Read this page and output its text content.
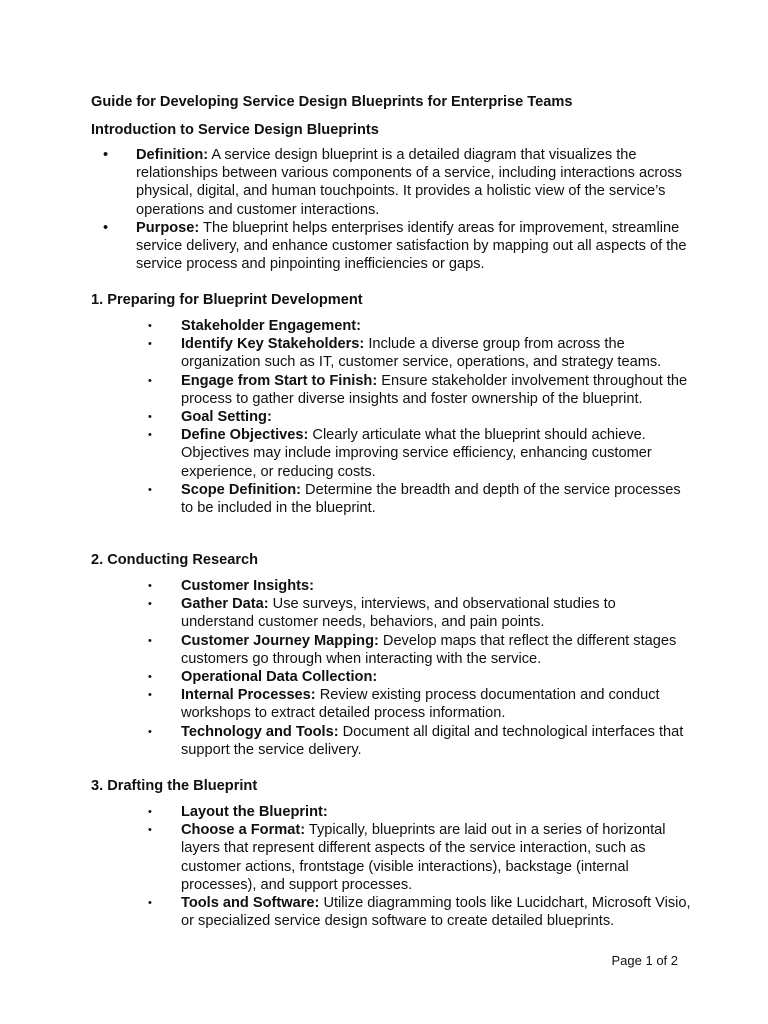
Guide for Developing Service Design Blueprints for Enterprise Teams

Introduction to Service Design Blueprints

• Definition: A service design blueprint is a detailed diagram that visualizes the relationships between various components of a service, including interactions across physical, digital, and human touchpoints. It provides a holistic view of the service’s operations and customer interactions.
• Purpose: The blueprint helps enterprises identify areas for improvement, streamline service delivery, and enhance customer satisfaction by mapping out all aspects of the service process and pinpointing inefficiencies or gaps.

1. Preparing for Blueprint Development

• Stakeholder Engagement:
• Identify Key Stakeholders: Include a diverse group from across the organization such as IT, customer service, operations, and strategy teams.
• Engage from Start to Finish: Ensure stakeholder involvement throughout the process to gather diverse insights and foster ownership of the blueprint.
• Goal Setting:
• Define Objectives: Clearly articulate what the blueprint should achieve. Objectives may include improving service efficiency, enhancing customer experience, or reducing costs.
• Scope Definition: Determine the breadth and depth of the service processes to be included in the blueprint.

2. Conducting Research

• Customer Insights:
• Gather Data: Use surveys, interviews, and observational studies to understand customer needs, behaviors, and pain points.
• Customer Journey Mapping: Develop maps that reflect the different stages customers go through when interacting with the service.
• Operational Data Collection:
• Internal Processes: Review existing process documentation and conduct workshops to extract detailed process information.
• Technology and Tools: Document all digital and technological interfaces that support the service delivery.

3. Drafting the Blueprint

• Layout the Blueprint:
• Choose a Format: Typically, blueprints are laid out in a series of horizontal layers that represent different aspects of the service interaction, such as customer actions, frontstage (visible interactions), backstage (internal processes), and support processes.
• Tools and Software: Utilize diagramming tools like Lucidchart, Microsoft Visio, or specialized service design software to create detailed blueprints.
Page 1 of 2
